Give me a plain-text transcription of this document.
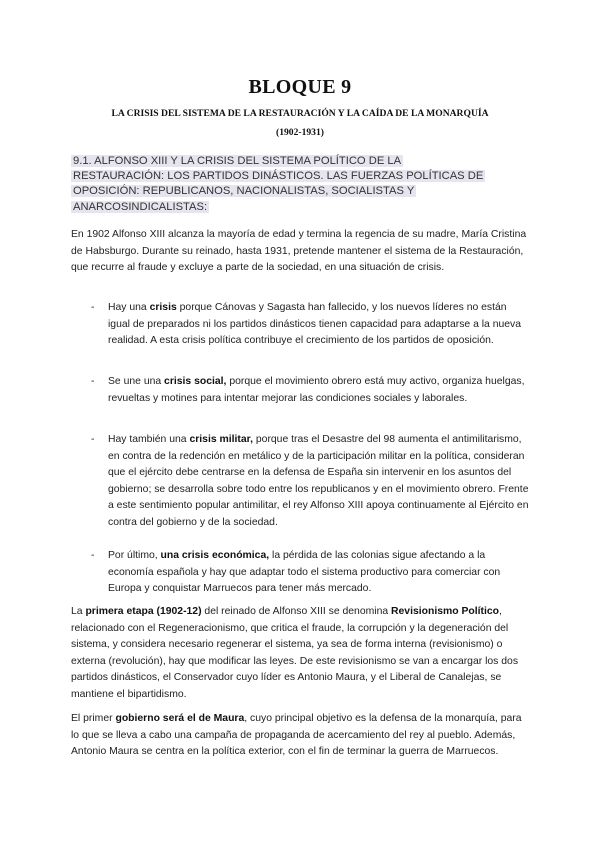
BLOQUE 9
LA CRISIS DEL SISTEMA DE LA RESTAURACIÓN Y LA CAÍDA DE LA MONARQUÍA
(1902-1931)
9.1. ALFONSO XIII Y LA CRISIS DEL SISTEMA POLÍTICO DE LA
RESTAURACIÓN: LOS PARTIDOS DINÁSTICOS. LAS FUERZAS POLÍTICAS DE
OPOSICIÓN: REPUBLICANOS, NACIONALISTAS, SOCIALISTAS Y
ANARCOSINDICALISTAS:

En 1902 Alfonso XIII alcanza la mayoría de edad y termina la regencia de su madre, María Cristina de Habsburgo. Durante su reinado, hasta 1931, pretende mantener el sistema de la Restauración, que recurre al fraude y excluye a parte de la sociedad, en una situación de crisis.

- Hay una crisis porque Cánovas y Sagasta han fallecido, y los nuevos líderes no están igual de preparados ni los partidos dinásticos tienen capacidad para adaptarse a la nueva realidad. A esta crisis política contribuye el crecimiento de los partidos de oposición.
- Se une una crisis social, porque el movimiento obrero está muy activo, organiza huelgas, revueltas y motines para intentar mejorar las condiciones sociales y laborales.
- Hay también una crisis militar, porque tras el Desastre del 98 aumenta el antimilitarismo, en contra de la redención en metálico y de la participación militar en la política, consideran que el ejército debe centrarse en la defensa de España sin intervenir en los asuntos del gobierno; se desarrolla sobre todo entre los republicanos y en el movimiento obrero. Frente a este sentimiento popular antimilitar, el rey Alfonso XIII apoya continuamente al Ejército en contra del gobierno y de la sociedad.
- Por último, una crisis económica, la pérdida de las colonias sigue afectando a la economía española y hay que adaptar todo el sistema productivo para comerciar con Europa y conquistar Marruecos para tener más mercado.

La primera etapa (1902-12) del reinado de Alfonso XIII se denomina Revisionismo Político, relacionado con el Regeneracionismo, que critica el fraude, la corrupción y la degeneración del sistema, y considera necesario regenerar el sistema, ya sea de forma interna (revisionismo) o externa (revolución), hay que modificar las leyes. De este revisionismo se van a encargar los dos partidos dinásticos, el Conservador cuyo líder es Antonio Maura, y el Liberal de Canalejas, se mantiene el bipartidismo.

El primer gobierno será el de Maura, cuyo principal objetivo es la defensa de la monarquía, para lo que se lleva a cabo una campaña de propaganda de acercamiento del rey al pueblo. Además, Antonio Maura se centra en la política exterior, con el fin de terminar la guerra de Marruecos.
